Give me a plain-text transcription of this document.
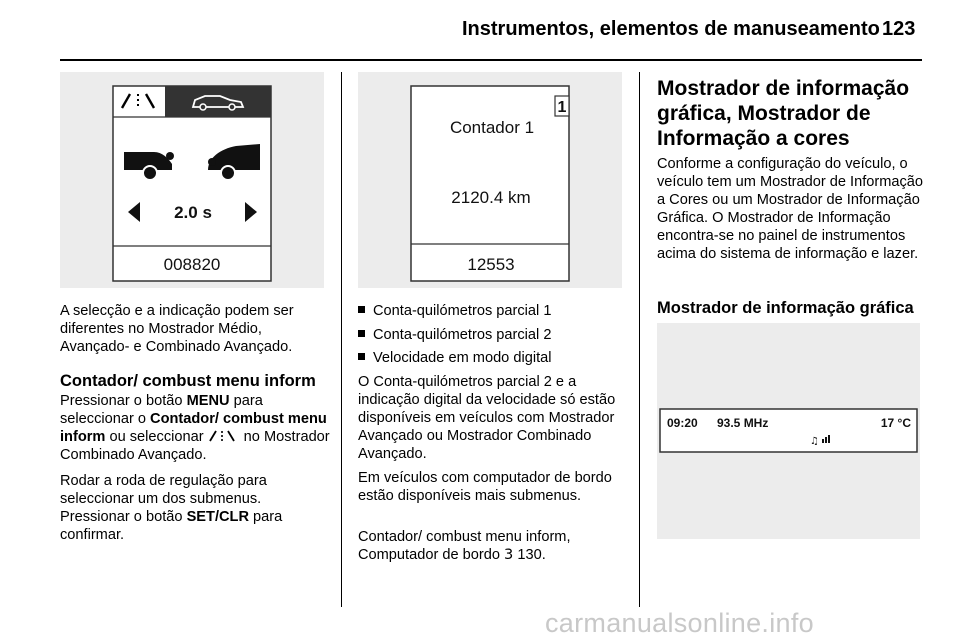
Instrumentos, elementos de manuseamento 123
2.0 s
008820
A selecção e a indicação podem ser diferentes no Mostrador Médio, Avançado- e Combinado Avançado.
Contador/ combust menu inform
Pressionar o botão MENU para seleccionar o Contador/ combust menu inform ou seleccionar  no Mostrador Combinado Avançado.
Rodar a roda de regulação para seleccionar um dos submenus. Pressionar o botão SET/CLR para confirmar.
1
Contador 1
2120.4 km
12553
Conta-quilómetros parcial 1
Conta-quilómetros parcial 2
Velocidade em modo digital
O Conta-quilómetros parcial 2 e a indicação digital da velocidade só estão disponíveis em veículos com Mostrador Avançado ou Mostrador Combinado Avançado.
Em veículos com computador de bordo estão disponíveis mais submenus.
Contador/ combust menu inform, Computador de bordo 3 130.
Mostrador de informação gráfica, Mostrador de Informação a cores
Conforme a configuração do veículo, o veículo tem um Mostrador de Informação a Cores ou um Mostrador de Informação Gráfica. O Mostrador de Informação encontra-se no painel de instrumentos acima do sistema de informação e lazer.
Mostrador de informação gráfica
09:20 93.5 MHz	17 °C
♫
carmanualsonline.info
